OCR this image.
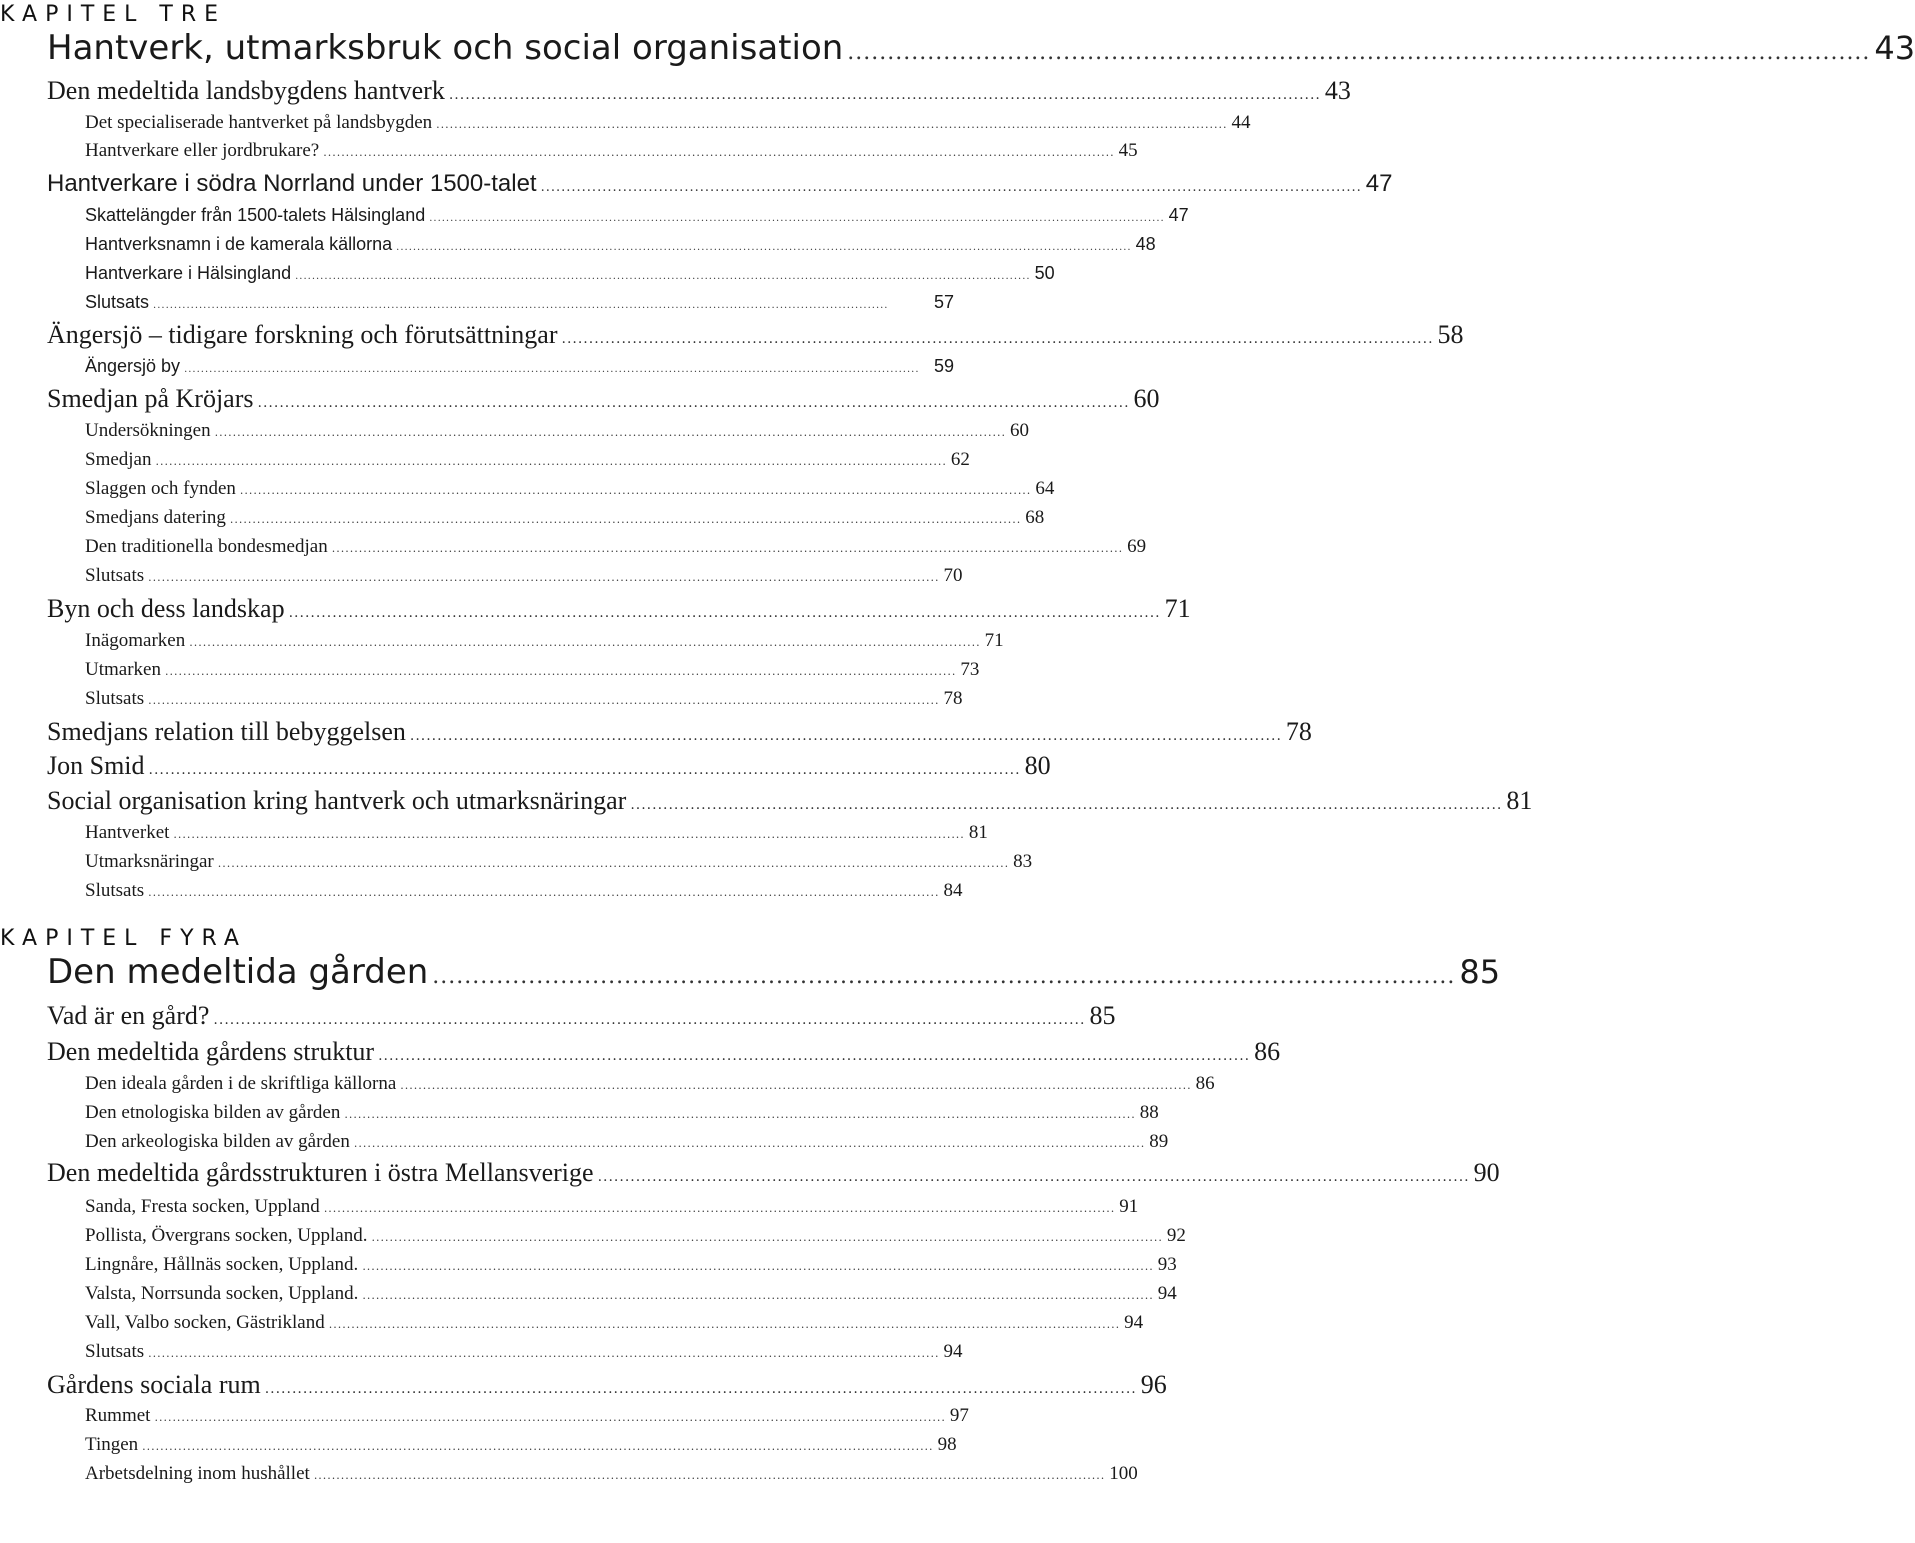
KAPITEL TRE
Hantverk, utmarksbruk och social organisation ................................................................................................................................ 43
Den medeltida landsbygdens hantverk ................................................................................................................................................................ 43
Det specialiserade hantverket på landsbygden ................................................................................................................................................................................ 44
Hantverkare eller jordbrukare? ................................................................................................................................................................................ 45
Hantverkare i södra Norrland under 1500-talet ................................................................................................................................................................ 47
Skattelängder från 1500-talets Hälsingland ................................................................................................................................................................................ 47
Hantverksnamn i de kamerala källorna ................................................................................................................................................................................ 48
Hantverkare i Hälsingland ................................................................................................................................................................................ 50
Slutsats ................................................................................................................................................................................	57
Ängersjö – tidigare forskning och förutsättningar ................................................................................................................................................................ 58
Ängersjö by ................................................................................................................................................................................ 59
Smedjan på Kröjars ................................................................................................................................................................ 60
Undersökningen ................................................................................................................................................................................ 60
Smedjan ................................................................................................................................................................................ 62
Slaggen och fynden ................................................................................................................................................................................ 64
Smedjans datering ................................................................................................................................................................................ 68
Den traditionella bondesmedjan ................................................................................................................................................................................ 69
Slutsats ................................................................................................................................................................................ 70
Byn och dess landskap ................................................................................................................................................................ 71
Inägomarken ................................................................................................................................................................................ 71
Utmarken ................................................................................................................................................................................ 73
Slutsats ................................................................................................................................................................................ 78
Smedjans relation till bebyggelsen ................................................................................................................................................................ 78
Jon Smid ................................................................................................................................................................ 80
Social organisation kring hantverk och utmarksnäringar ................................................................................................................................................................ 81
Hantverket ................................................................................................................................................................................ 81
Utmarksnäringar ................................................................................................................................................................................ 83
Slutsats ................................................................................................................................................................................ 84
KAPITEL FYRA
Den medeltida gården ................................................................................................................................ 85
Vad är en gård? ................................................................................................................................................................ 85
Den medeltida gårdens struktur ................................................................................................................................................................ 86
Den ideala gården i de skriftliga källorna ................................................................................................................................................................................ 86
Den etnologiska bilden av gården ................................................................................................................................................................................ 88
Den arkeologiska bilden av gården ................................................................................................................................................................................ 89
Den medeltida gårdsstrukturen i östra Mellansverige ................................................................................................................................................................ 90
Sanda, Fresta socken, Uppland ................................................................................................................................................................................ 91
Pollista, Övergrans socken, Uppland. ................................................................................................................................................................................ 92
Lingnåre, Hållnäs socken, Uppland. ................................................................................................................................................................................ 93
Valsta, Norrsunda socken, Uppland. ................................................................................................................................................................................ 94
Vall, Valbo socken, Gästrikland ................................................................................................................................................................................ 94
Slutsats ................................................................................................................................................................................ 94
Gårdens sociala rum ................................................................................................................................................................ 96
Rummet ................................................................................................................................................................................ 97
Tingen ................................................................................................................................................................................ 98
Arbetsdelning inom hushållet ................................................................................................................................................................................ 100
